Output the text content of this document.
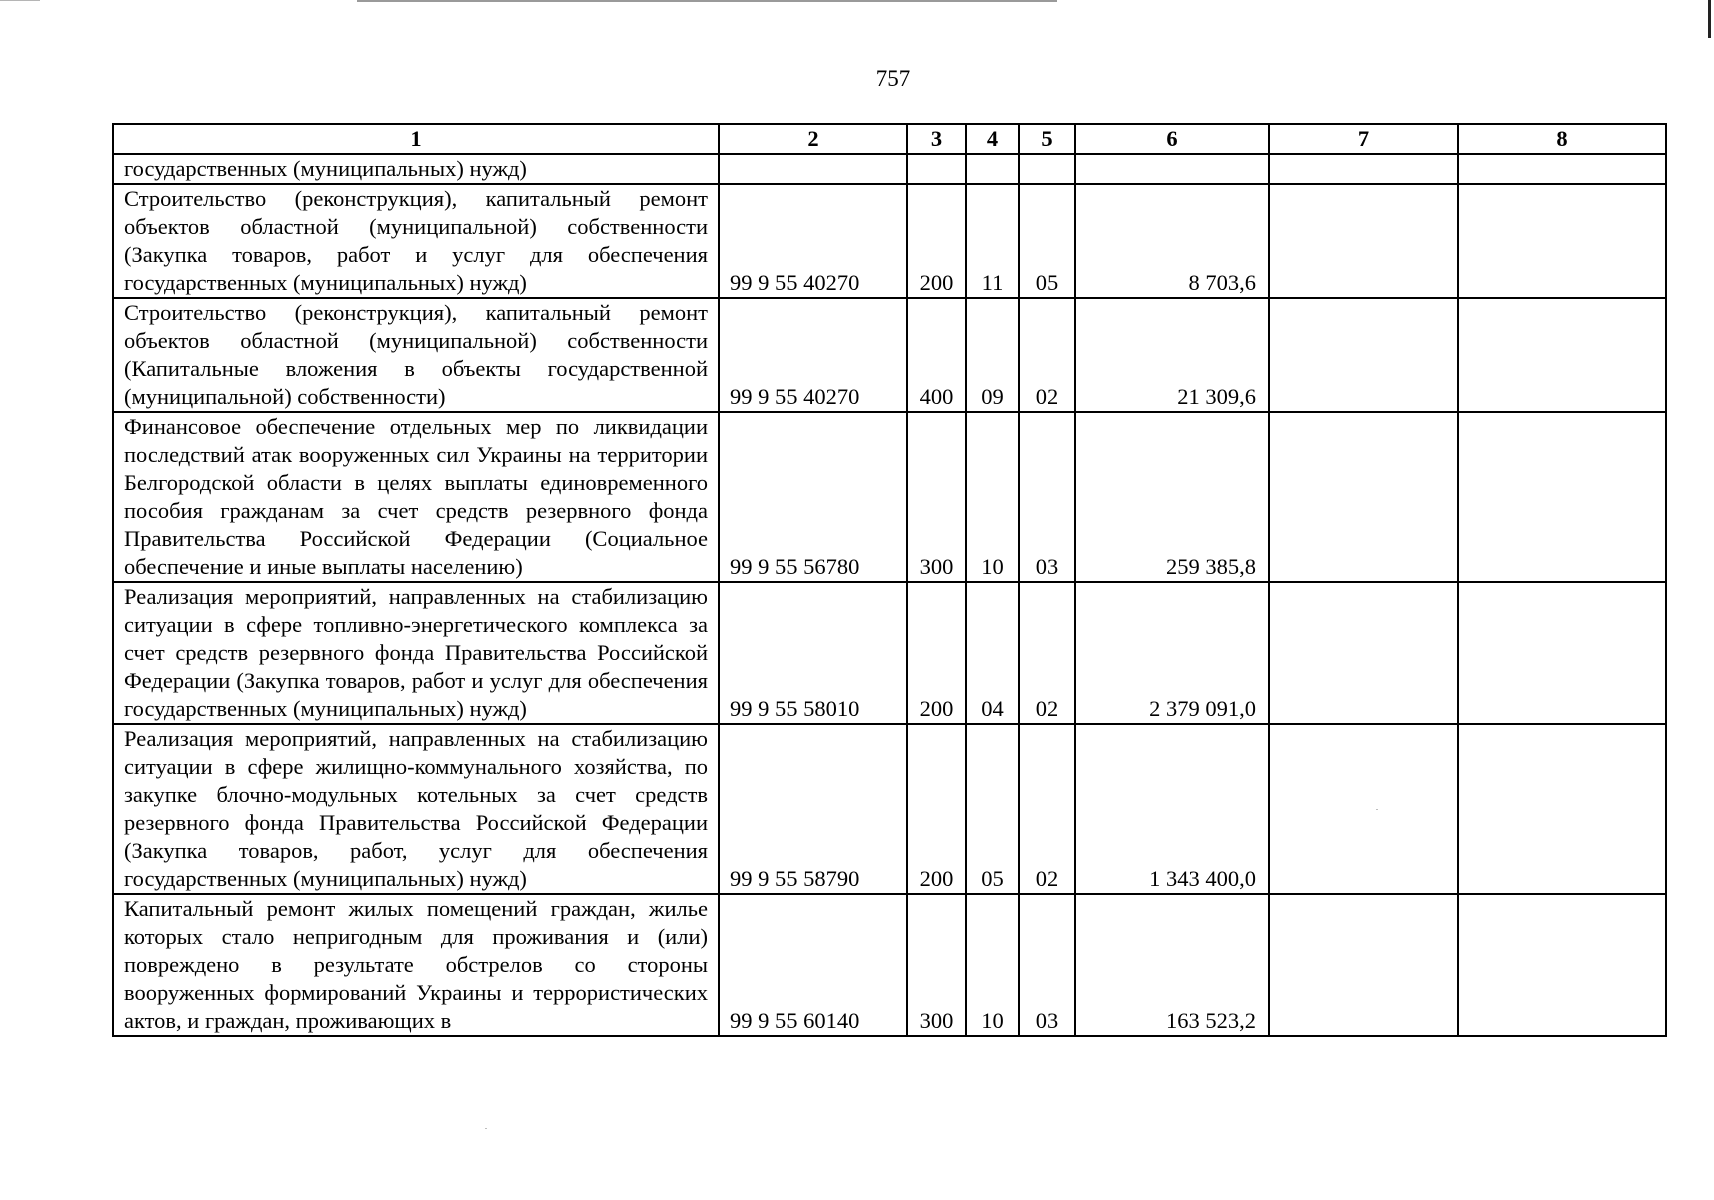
757
1	2	3	4	5	6	7	8
государственных (муниципальных) нужд)							
Строительство (реконструкция), капитальный ремонт объектов областной (муниципальной) собственности (Закупка товаров, работ и услуг для обеспечения государственных (муниципальных) нужд)	99 9 55 40270	200	11	05	8 703,6		
Строительство (реконструкция), капитальный ремонт объектов областной (муниципальной) собственности (Капитальные вложения в объекты государственной (муниципальной) собственности)	99 9 55 40270	400	09	02	21 309,6		
Финансовое обеспечение отдельных мер по ликвидации последствий атак вооруженных сил Украины на территории Белгородской области в целях выплаты единовременного пособия гражданам за счет средств резервного фонда Правительства Российской Федерации (Социальное обеспечение и иные выплаты населению)	99 9 55 56780	300	10	03	259 385,8		
Реализация мероприятий, направленных на стабилизацию ситуации в сфере топливно-энергетического комплекса за счет средств резервного фонда Правительства Российской Федерации (Закупка товаров, работ и услуг для обеспечения государственных (муниципальных) нужд)	99 9 55 58010	200	04	02	2 379 091,0		
Реализация мероприятий, направленных на стабилизацию ситуации в сфере жилищно-коммунального хозяйства, по закупке блочно-модульных котельных за счет средств резервного фонда Правительства Российской Федерации (Закупка товаров, работ, услуг для обеспечения государственных (муниципальных) нужд)	99 9 55 58790	200	05	02	1 343 400,0		
Капитальный ремонт жилых помещений граждан, жилье которых стало непригодным для проживания и (или) повреждено в результате обстрелов со стороны вооруженных формирований Украины и террористических актов, и граждан, проживающих в	99 9 55 60140	300	10	03	163 523,2		
